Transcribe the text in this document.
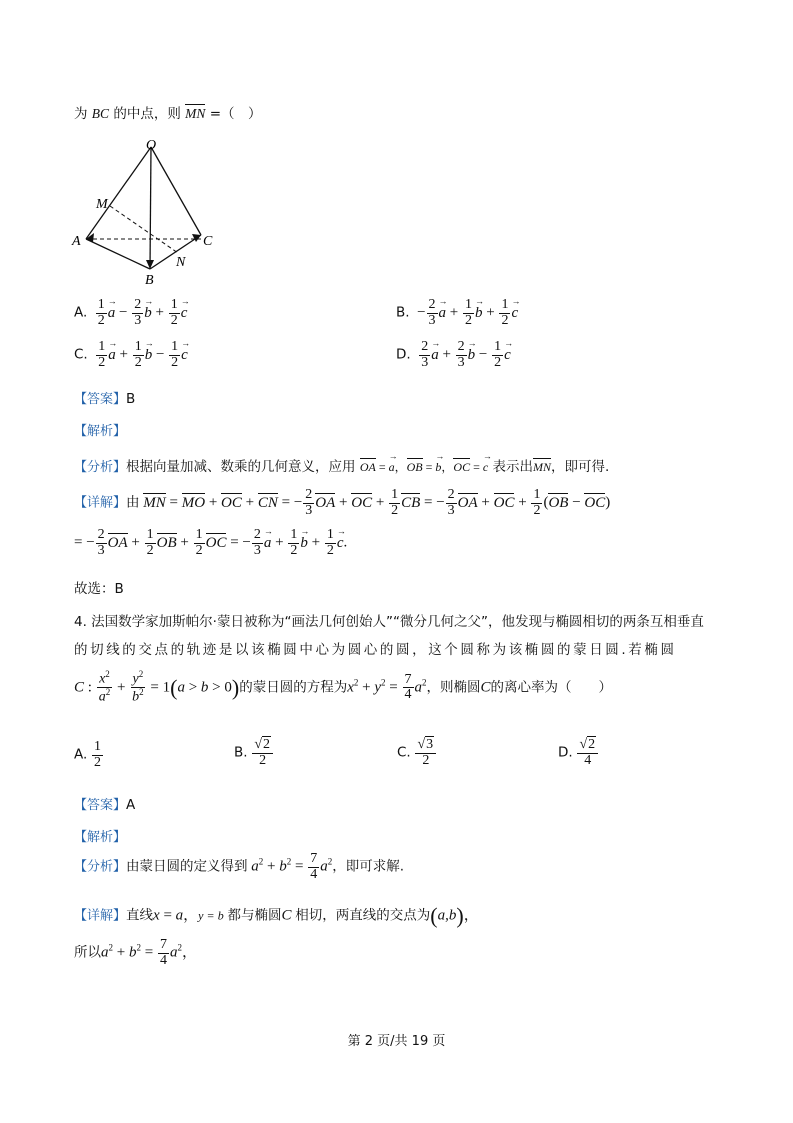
为 BC 的中点，则 MN =（　）
O
M
A	C
N
B
A. $\frac{1}{2}$
→ $a - \frac{2}{3}$
→ $b + \frac{1}{2}$
→ c	B.  − $\frac{2}{3}$
→ $a + \frac{1}{2}$
→ $b + \frac{1}{2}$
→ c
C. $\frac{1}{2}$
→ $a + \frac{1}{2}$
→ $b - \frac{1}{2}$
→ c	D. $\frac{2}{3}$
→ $a + \frac{2}{3}$
→ $b - \frac{1}{2}$
→ c
【答案】B
【解析】
【分析】根据向量加减、数乘的几何意义，应用 OA = → a，OB = → b，OC = → c 表示出MN，即可得.
【详解】由 MN = MO + OC + CN = − $\frac{2}{3}$ OA + OC + $\frac{1}{2}$ CB = − $\frac{2}{3}$ OA + OC + $\frac{1}{2} (OB - OC)$
= − $\frac{2}{3}$ OA + $\frac{1}{2}$ OB + $\frac{1}{2}$ OC = − $\frac{2}{3}$
→ $a + \frac{1}{2}$
→ $b + \frac{1}{2}$
→ c.
故选：B
4. 法国数学家加斯帕尔·蒙日被称为“画法几何创始人”“微分几何之父”，他发现与椭圆相切的两条互相垂直
的切线的交点的轨迹是以该椭圆中心为圆心的圆，这个圆称为该椭圆的蒙日圆.若椭圆
C : $\frac{x^2}{a^2} + \frac{y^2}{b^2} = 1(a > b > 0)$的蒙日圆的方程为$x^2 + y^2 = \frac{7}{4} a^2$，则椭圆C的离心率为（　　）
A. $\frac{1}{2}$	B. $\frac{√2}{2}$	C. $\frac{√3}{2}$	D. $\frac{√2}{4}$
【答案】A
【解析】
【分析】由蒙日圆的定义得到 $a^2 + b^2 = \frac{7}{4} a^2$，即可求解.
【详解】直线x = a，y = b 都与椭圆C 相切，两直线的交点为(a,b)，
所以$a^2 + b^2 = \frac{7}{4} a^2$，
第 2 页/共 19 页
